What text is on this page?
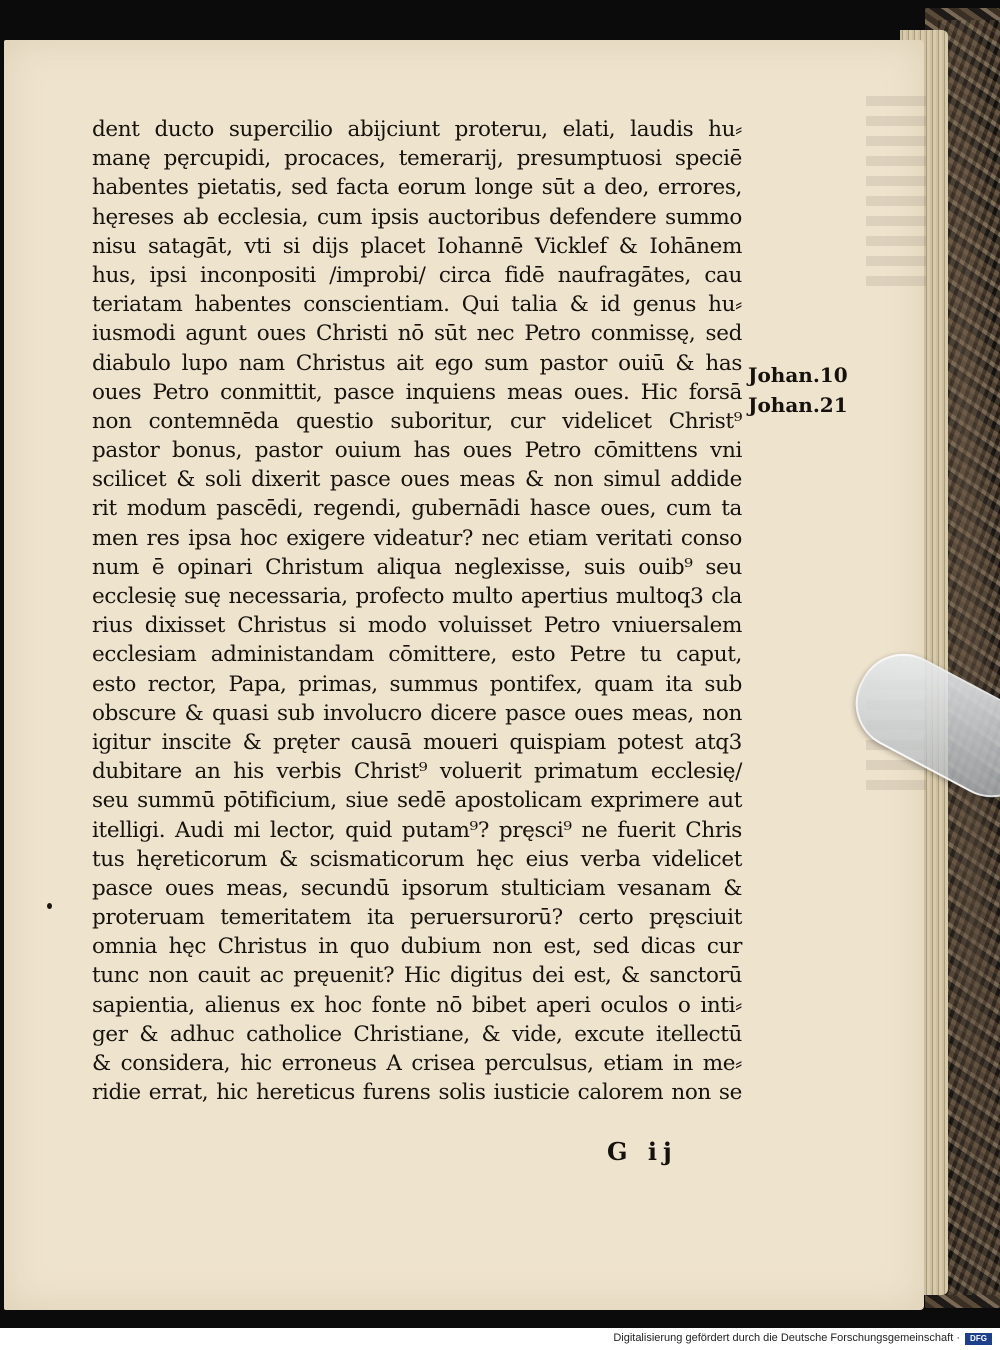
dent ducto supercilio abijciunt proteruı, elati, laudis hu⸗
manę pęrcupidi, procaces, temerarij, presumptuosi speciē
habentes pietatis, sed facta eorum longe sūt a deo, errores,
hęreses ab ecclesia, cum ipsis auctoribus defendere summo
nisu satagāt, vti si dijs placet Iohannē Vicklef & Iohānem
hus, ipsi inconpositi /improbi/ circa fidē naufragātes, cau
teriatam habentes conscientiam. Qui talia & id genus hu⸗
iusmodi agunt oues Christi nō sūt nec Petro conmissę, sed
diabulo lupo nam Christus ait ego sum pastor ouiū & has
oues Petro conmittit, pasce inquiens meas oues. Hic forsā
non contemnēda questio suboritur, cur videlicet Christ⁹
pastor bonus, pastor ouium has oues Petro cōmittens vni
scilicet & soli dixerit pasce oues meas & non simul addide
rit modum pascēdi, regendi, gubernādi hasce oues, cum ta
men res ipsa hoc exigere videatur? nec etiam veritati conso
num ē opinari Christum aliqua neglexisse, suis ouib⁹ seu
ecclesię suę necessaria, profecto multo apertius multoq3 cla
rius dixisset Christus si modo voluisset Petro vniuersalem
ecclesiam administandam cōmittere, esto Petre tu caput,
esto rector, Papa, primas, summus pontifex, quam ita sub
obscure & quasi sub involucro dicere pasce oues meas, non
igitur inscite & pręter causā moueri quispiam potest atq3
dubitare an his verbis Christ⁹ voluerit primatum ecclesię/
seu summū pōtificium, siue sedē apostolicam exprimere aut
itelligi. Audi mi lector, quid putam⁹? pręsci⁹ ne fuerit Chris
tus hęreticorum & scismaticorum hęc eius verba videlicet
pasce oues meas, secundū ipsorum stulticiam vesanam &
proteruam temeritatem ita peruersurorū? certo pręsciuit
omnia hęc Christus in quo dubium non est, sed dicas cur
tunc non cauit ac pręuenit? Hic digitus dei est, & sanctorū
sapientia, alienus ex hoc fonte nō bibet aperi oculos o inti⸗
ger & adhuc catholice Christiane, & vide, excute itellectū
& considera, hic erroneus A crisea perculsus, etiam in me⸗
ridie errat, hic hereticus furens solis iusticie calorem non se
Johan.10
Johan.21
G ij
Digitalisierung gefördert durch die Deutsche Forschungsgemeinschaft ·	DFG
